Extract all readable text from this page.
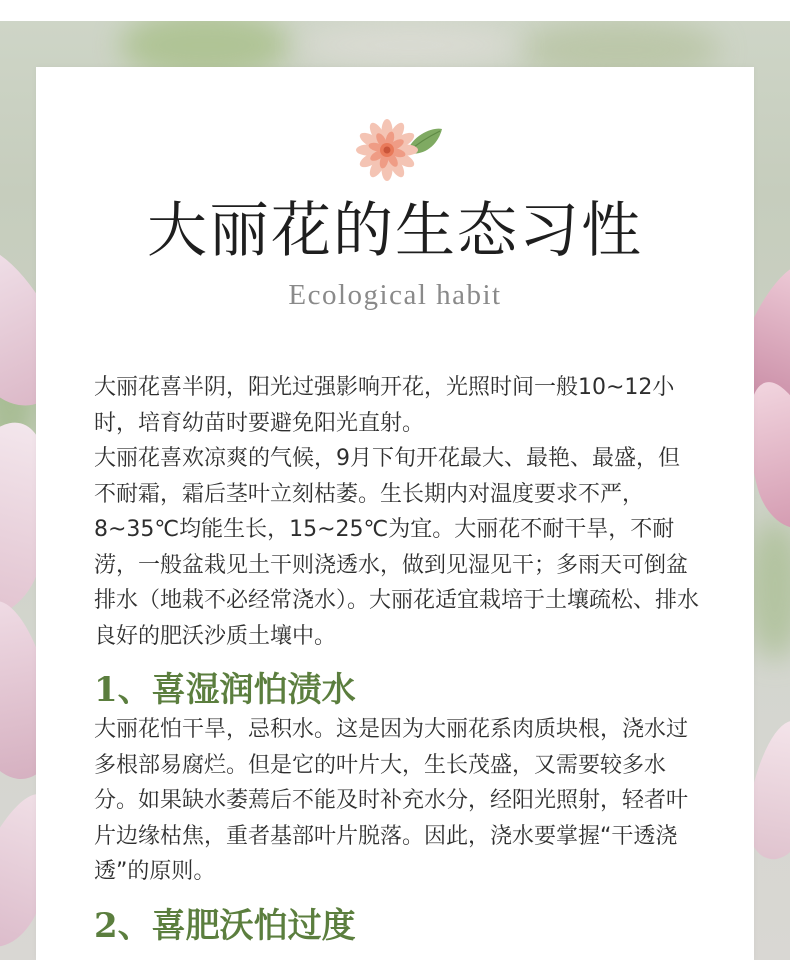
大丽花的生态习性
Ecological habit

大丽花喜半阴，阳光过强影响开花，光照时间一般10~12小时，培育幼苗时要避免阳光直射。

大丽花喜欢凉爽的气候，9月下旬开花最大、最艳、最盛，但不耐霜，霜后茎叶立刻枯萎。生长期内对温度要求不严，8~35℃均能生长，15~25℃为宜。大丽花不耐干旱，不耐涝，一般盆栽见土干则浇透水，做到见湿见干；多雨天可倒盆排水（地栽不必经常浇水）。大丽花适宜栽培于土壤疏松、排水良好的肥沃沙质土壤中。

1、喜湿润怕渍水

大丽花怕干旱，忌积水。这是因为大丽花系肉质块根，浇水过多根部易腐烂。但是它的叶片大，生长茂盛，又需要较多水分。如果缺水萎蔫后不能及时补充水分，经阳光照射，轻者叶片边缘枯焦，重者基部叶片脱落。因此，浇水要掌握“干透浇透”的原则。

2、喜肥沃怕过度
